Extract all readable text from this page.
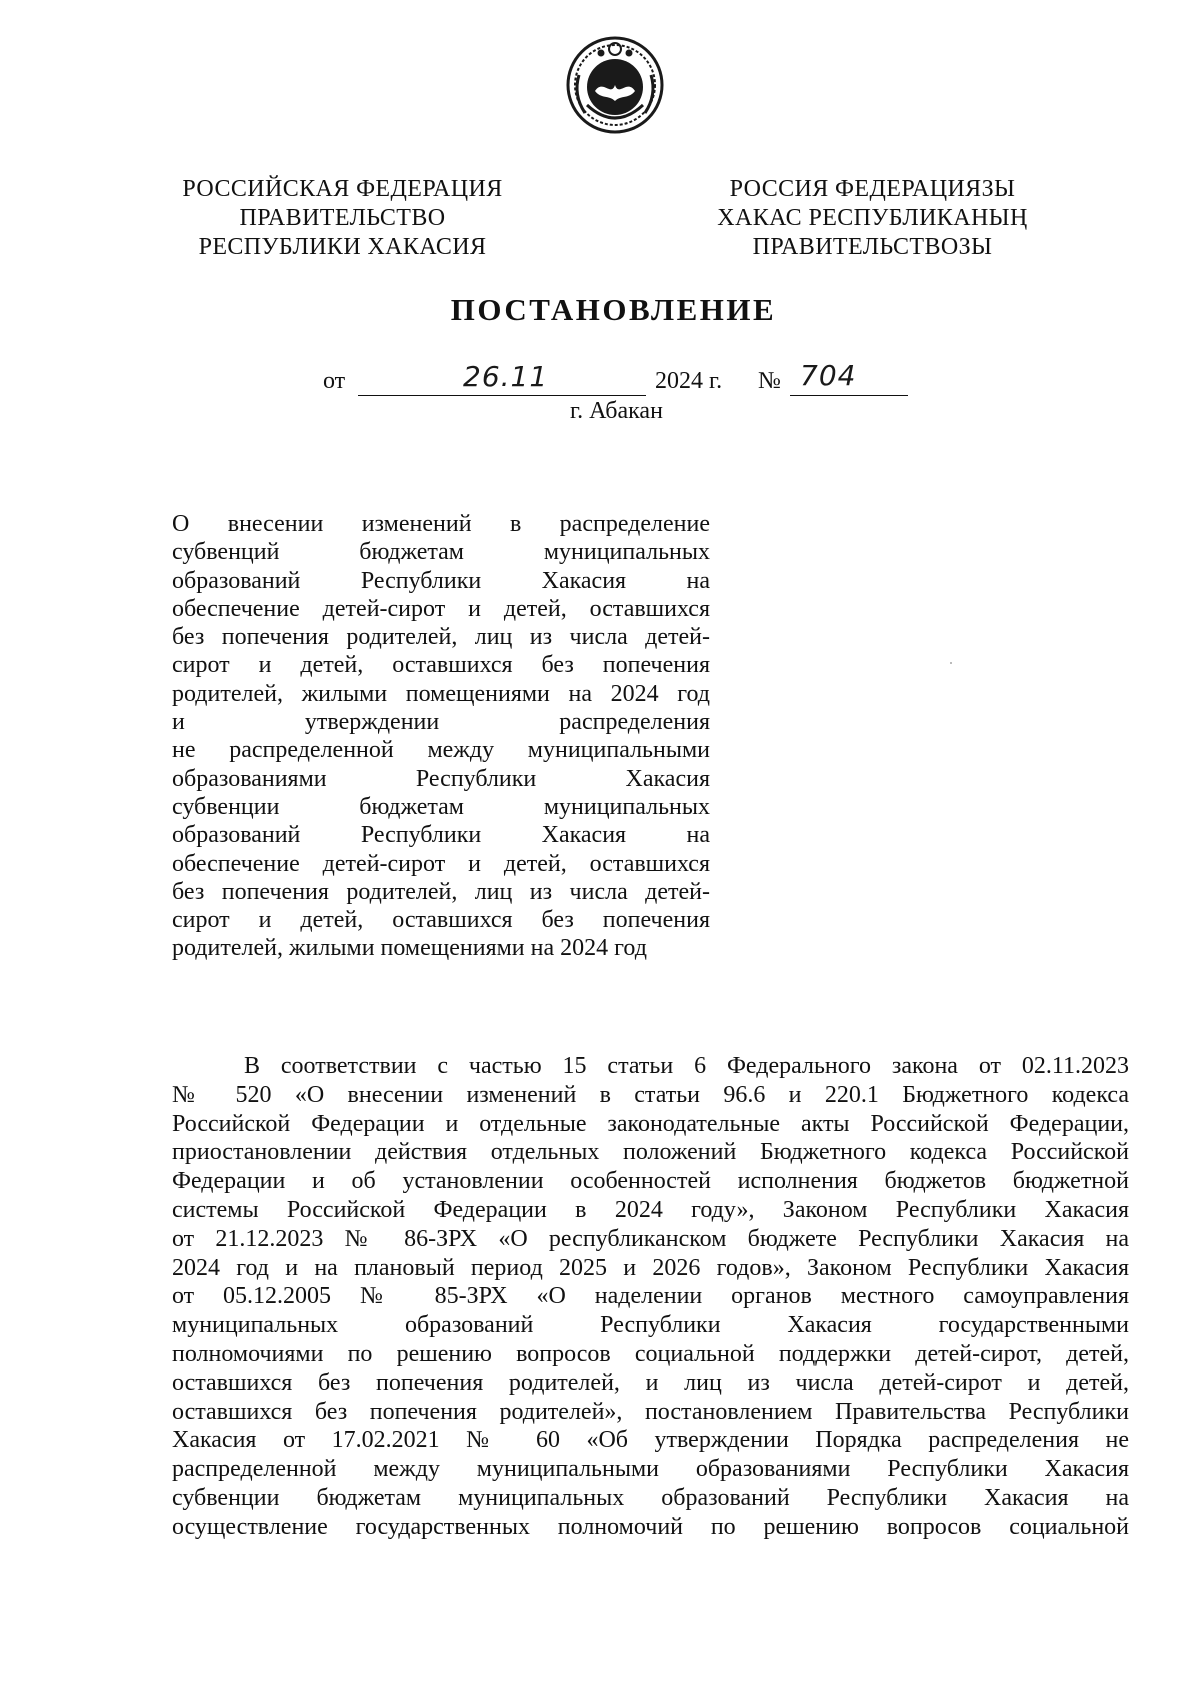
РОССИЙСКАЯ ФЕДЕРАЦИЯ
ПРАВИТЕЛЬСТВО
РЕСПУБЛИКИ ХАКАСИЯ
РОССИЯ ФЕДЕРАЦИЯЗЫ
ХАКАС РЕСПУБЛИКАНЫҢ
ПРАВИТЕЛЬСТВОЗЫ
ПОСТАНОВЛЕНИЕ
от	26.11	2024 г. № 704
г. Абакан
О внесении изменений в распределение
субвенций бюджетам муниципальных
образований Республики Хакасия на
обеспечение детей-сирот и детей, оставшихся
без попечения родителей, лиц из числа детей-
сирот и детей, оставшихся без попечения
родителей, жилыми помещениями на 2024 год
и утверждении распределения
не распределенной между муниципальными
образованиями Республики Хакасия
субвенции бюджетам муниципальных
образований Республики Хакасия на
обеспечение детей-сирот и детей, оставшихся
без попечения родителей, лиц из числа детей-
сирот и детей, оставшихся без попечения
родителей, жилыми помещениями на 2024 год
В соответствии с частью 15 статьи 6 Федерального закона от 02.11.2023
№ 520 «О внесении изменений в статьи 96.6 и 220.1 Бюджетного кодекса
Российской Федерации и отдельные законодательные акты Российской Федерации,
приостановлении действия отдельных положений Бюджетного кодекса Российской
Федерации и об установлении особенностей исполнения бюджетов бюджетной
системы Российской Федерации в 2024 году», Законом Республики Хакасия
от 21.12.2023 № 86-ЗРХ «О республиканском бюджете Республики Хакасия на
2024 год и на плановый период 2025 и 2026 годов», Законом Республики Хакасия
от 05.12.2005 № 85-ЗРХ «О наделении органов местного самоуправления
муниципальных образований Республики Хакасия государственными
полномочиями по решению вопросов социальной поддержки детей-сирот, детей,
оставшихся без попечения родителей, и лиц из числа детей-сирот и детей,
оставшихся без попечения родителей», постановлением Правительства Республики
Хакасия от 17.02.2021 № 60 «Об утверждении Порядка распределения не
распределенной между муниципальными образованиями Республики Хакасия
субвенции бюджетам муниципальных образований Республики Хакасия на
осуществление государственных полномочий по решению вопросов социальной
